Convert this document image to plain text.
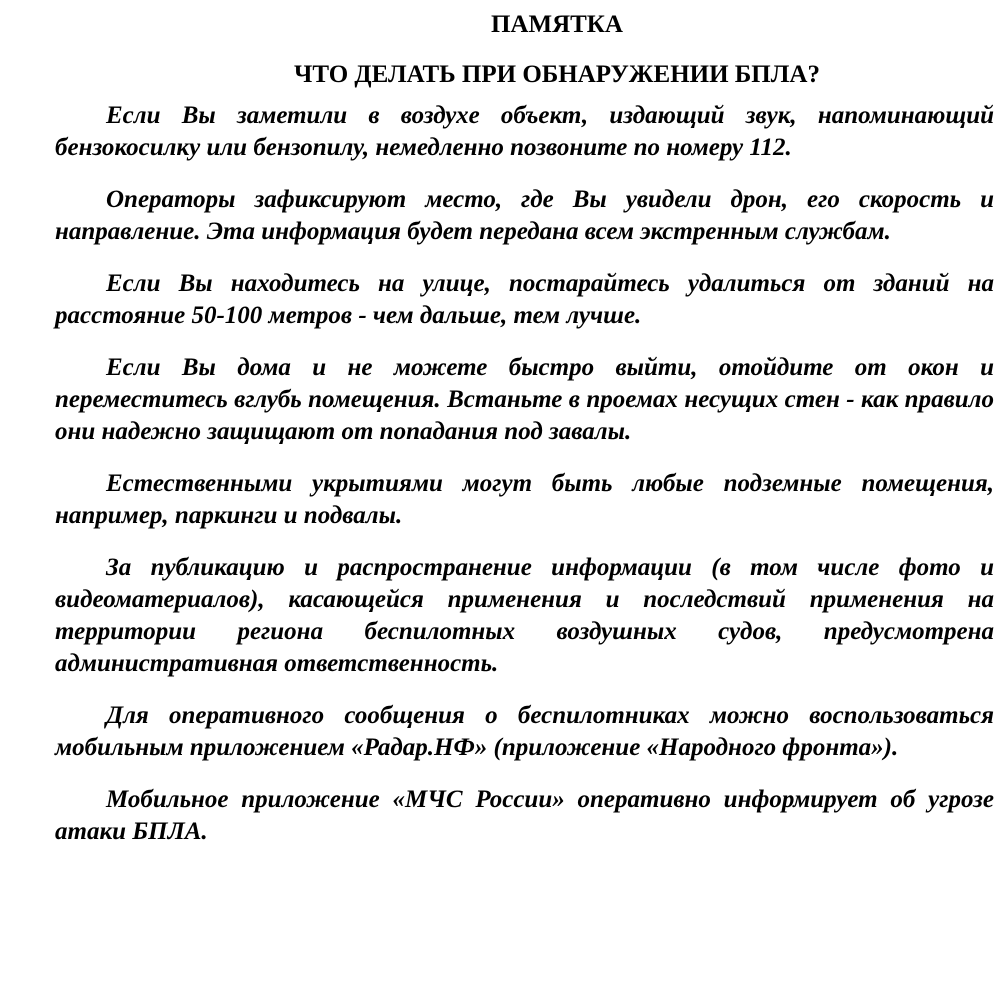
ПАМЯТКА
ЧТО ДЕЛАТЬ ПРИ ОБНАРУЖЕНИИ БПЛА?

Если Вы заметили в воздухе объект, издающий звук, напоминающий бензокосилку или бензопилу, немедленно позвоните по номеру 112.

Операторы зафиксируют место, где Вы увидели дрон, его скорость и направление. Эта информация будет передана всем экстренным службам.

Если Вы находитесь на улице, постарайтесь удалиться от зданий на расстояние 50-100 метров - чем дальше, тем лучше.

Если Вы дома и не можете быстро выйти, отойдите от окон и переместитесь вглубь помещения. Встаньте в проемах несущих стен - как правило они надежно защищают от попадания под завалы.

Естественными укрытиями могут быть любые подземные помещения, например, паркинги и подвалы.

За публикацию и распространение информации (в том числе фото и видеоматериалов), касающейся применения и последствий применения на территории региона беспилотных воздушных судов, предусмотрена административная ответственность.

Для оперативного сообщения о беспилотниках можно воспользоваться мобильным приложением «Радар.НФ» (приложение «Народного фронта»).

Мобильное приложение «МЧС России» оперативно информирует об угрозе атаки БПЛА.
